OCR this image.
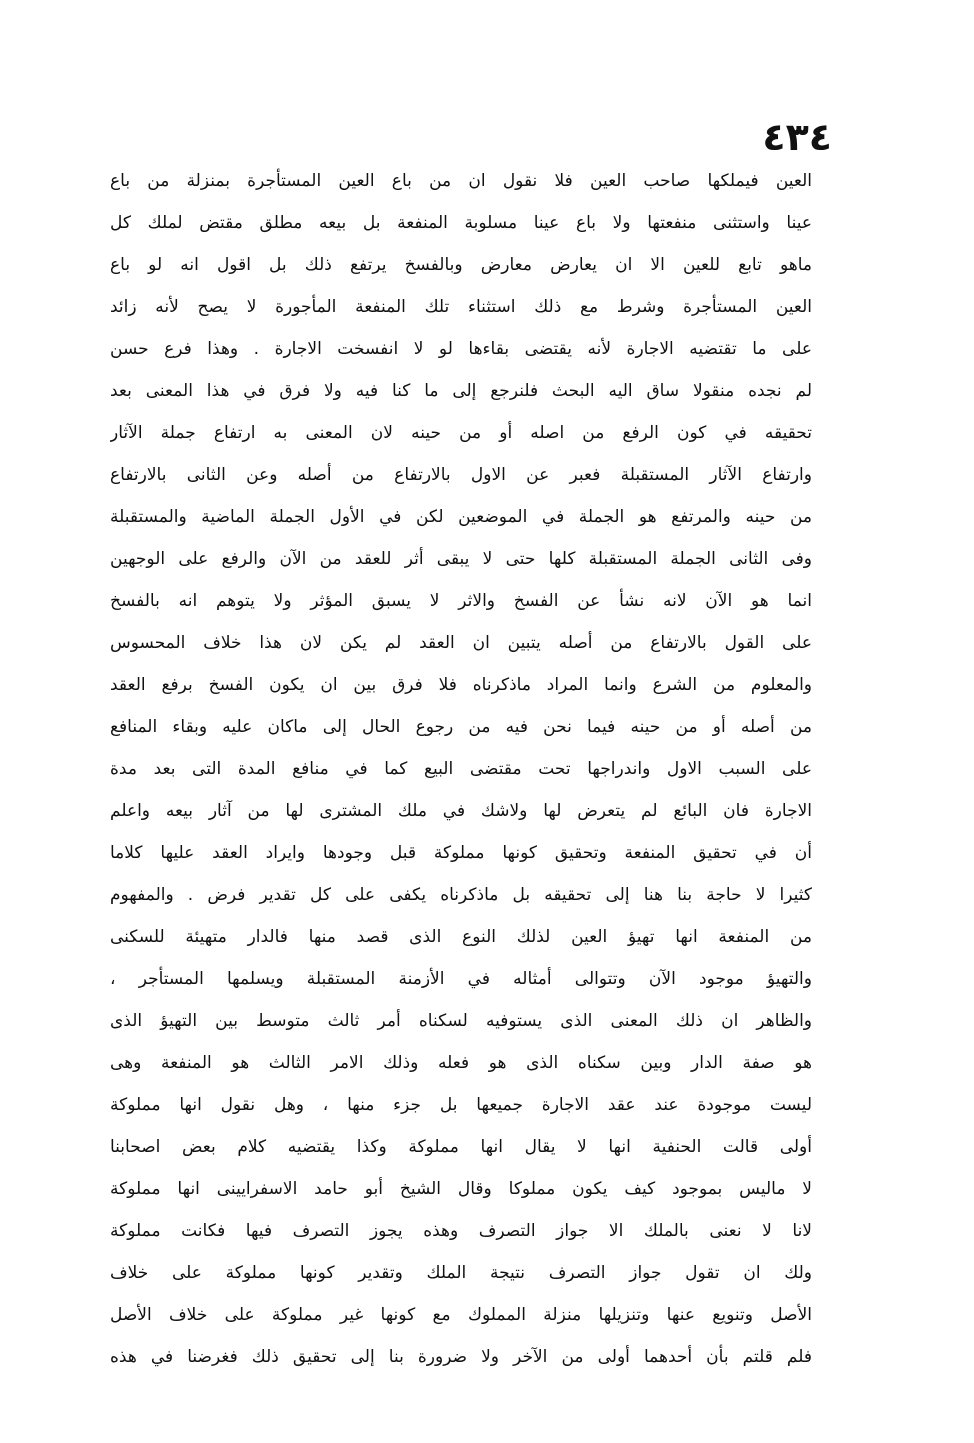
٤٣٤
العين فيملكها صاحب العين فلا نقول ان من باع العين المستأجرة بمنزلة من باع
عينا واستثنى منفعتها ولا باع عينا مسلوبة المنفعة بل بيعه مطلق مقتض لملك كل
ماهو تابع للعين الا ان يعارض معارض وبالفسخ يرتفع ذلك بل اقول انه لو باع
العين المستأجرة وشرط مع ذلك استثناء تلك المنفعة المأجورة لا يصح لأنه زائد
على ما تقتضيه الاجارة لأنه يقتضى بقاءها لو لا انفسخت الاجارة . وهذا فرع حسن
لم نجده منقولا ساق اليه البحث فلنرجع إلى ما كنا فيه ولا فرق في هذا المعنى بعد
تحقيقه في كون الرفع من اصله أو من حينه لان المعنى به ارتفاع جملة الآثار
وارتفاع الآثار المستقبلة فعبر عن الاول بالارتفاع من أصله وعن الثانى بالارتفاع
من حينه والمرتفع هو الجملة في الموضعين لكن في الأول الجملة الماضية والمستقبلة
وفى الثانى الجملة المستقبلة كلها حتى لا يبقى أثر للعقد من الآن والرفع على الوجهين
انما هو الآن لانه نشأ عن الفسخ والاثر لا يسبق المؤثر ولا يتوهم انه بالفسخ
على القول بالارتفاع من أصله يتبين ان العقد لم يكن لان هذا خلاف المحسوس
والمعلوم من الشرع وانما المراد ماذكرناه فلا فرق بين ان يكون الفسخ برفع العقد
من أصله أو من حينه فيما نحن فيه من رجوع الحال إلى ماكان عليه وبقاء المنافع
على السبب الاول واندراجها تحت مقتضى البيع كما في منافع المدة التى بعد مدة
الاجارة فان البائع لم يتعرض لها ولاشك في ملك المشترى لها من آثار بيعه واعلم
أن في تحقيق المنفعة وتحقيق كونها مملوكة قبل وجودها وايراد العقد عليها كلاما
كثيرا لا حاجة بنا هنا إلى تحقيقه بل ماذكرناه يكفى على كل تقدير فرض . والمفهوم
من المنفعة انها تهيؤ العين لذلك النوع الذى قصد منها فالدار متهيئة للسكنى
والتهيؤ موجود الآن وتتوالى أمثاله في الأزمنة المستقبلة ويسلمها المستأجر ،
والظاهر ان ذلك المعنى الذى يستوفيه لسكناه أمر ثالث متوسط بين التهيؤ الذى
هو صفة الدار وبين سكناه الذى هو فعله وذلك الامر الثالث هو المنفعة وهى
ليست موجودة عند عقد الاجارة جميعها بل جزء منها ، وهل نقول انها مملوكة
أولى قالت الحنفية انها لا يقال انها مملوكة وكذا يقتضيه كلام بعض اصحابنا
لا ماليس بموجود كيف يكون مملوكا وقال الشيخ أبو حامد الاسفرايينى انها مملوكة
لانا لا نعنى بالملك الا جواز التصرف وهذه يجوز التصرف فيها فكانت مملوكة
ولك ان تقول جواز التصرف نتيجة الملك وتقدير كونها مملوكة على خلاف
الأصل وتنويع عنها وتنزيلها منزلة المملوك مع كونها غير مملوكة على خلاف الأصل
فلم قلتم بأن أحدهما أولى من الآخر ولا ضرورة بنا إلى تحقيق ذلك فغرضنا في هذه
